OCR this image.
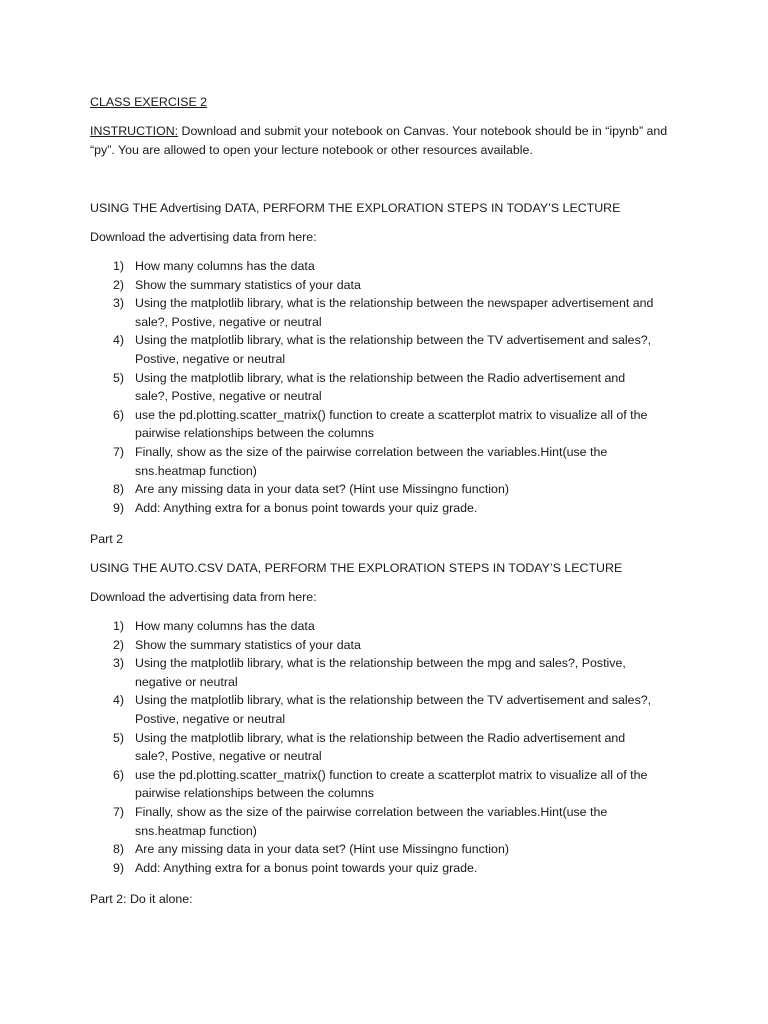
CLASS EXERCISE 2
INSTRUCTION: Download and submit your notebook on Canvas. Your notebook should be in “ipynb” and
“py”. You are allowed to open your lecture notebook or other resources available.
USING THE Advertising DATA, PERFORM THE EXPLORATION STEPS IN TODAY’S LECTURE
Download the advertising data from here:
1) How many columns has the data
2) Show the summary statistics of your data
3) Using the matplotlib library, what is the relationship between the newspaper advertisement and
sale?, Postive, negative or neutral
4) Using the matplotlib library, what is the relationship between the TV advertisement and sales?,
Postive, negative or neutral
5) Using the matplotlib library, what is the relationship between the Radio advertisement and
sale?, Postive, negative or neutral
6) use the pd.plotting.scatter_matrix() function to create a scatterplot matrix to visualize all of the
pairwise relationships between the columns
7) Finally, show as the size of the pairwise correlation between the variables.Hint(use the
sns.heatmap function)
8) Are any missing data in your data set? (Hint use Missingno function)
9) Add: Anything extra for a bonus point towards your quiz grade.
Part 2
USING THE AUTO.CSV DATA, PERFORM THE EXPLORATION STEPS IN TODAY’S LECTURE
Download the advertising data from here:
1) How many columns has the data
2) Show the summary statistics of your data
3) Using the matplotlib library, what is the relationship between the mpg and sales?, Postive,
negative or neutral
4) Using the matplotlib library, what is the relationship between the TV advertisement and sales?,
Postive, negative or neutral
5) Using the matplotlib library, what is the relationship between the Radio advertisement and
sale?, Postive, negative or neutral
6) use the pd.plotting.scatter_matrix() function to create a scatterplot matrix to visualize all of the
pairwise relationships between the columns
7) Finally, show as the size of the pairwise correlation between the variables.Hint(use the
sns.heatmap function)
8) Are any missing data in your data set? (Hint use Missingno function)
9) Add: Anything extra for a bonus point towards your quiz grade.
Part 2: Do it alone:
